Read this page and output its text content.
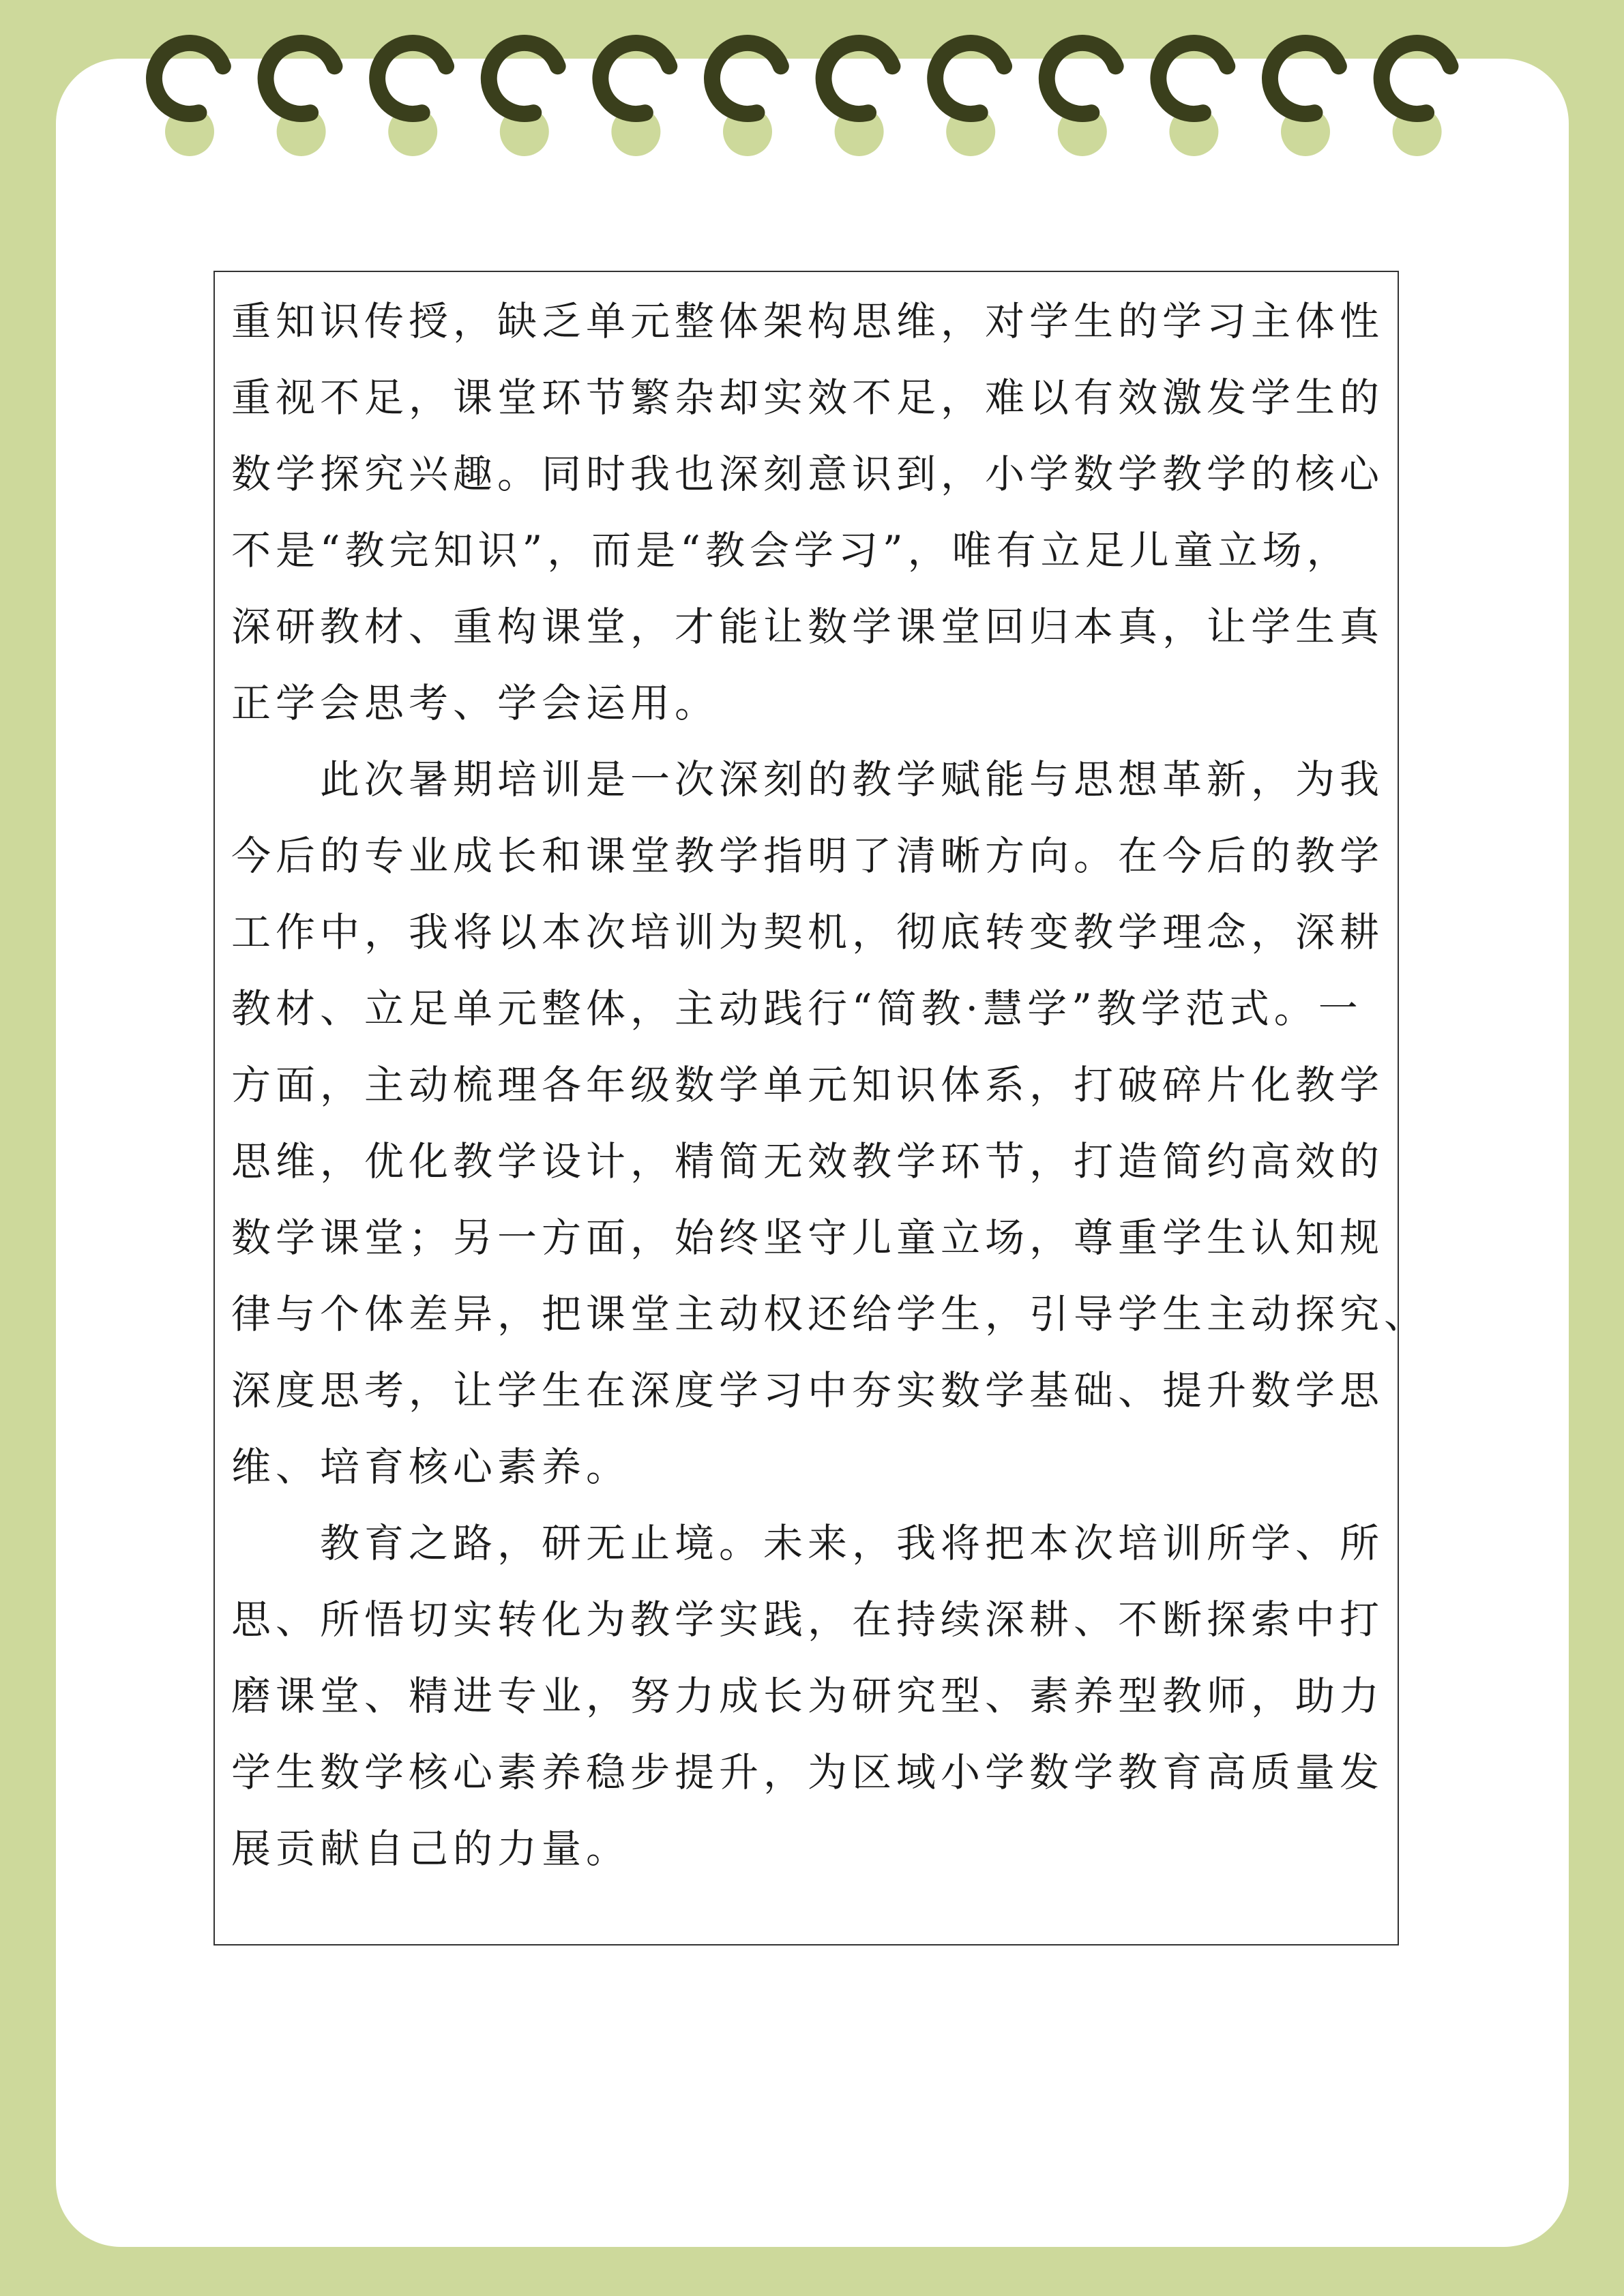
重知识传授，缺乏单元整体架构思维，对学生的学习主体性

重视不足，课堂环节繁杂却实效不足，难以有效激发学生的

数学探究兴趣。同时我也深刻意识到，小学数学教学的核心

不是“教完知识”，而是“教会学习”，唯有立足儿童立场，

深研教材、重构课堂，才能让数学课堂回归本真，让学生真

正学会思考、学会运用。

　　此次暑期培训是一次深刻的教学赋能与思想革新，为我

今后的专业成长和课堂教学指明了清晰方向。在今后的教学

工作中，我将以本次培训为契机，彻底转变教学理念，深耕

教材、立足单元整体，主动践行“简教·慧学”教学范式。一

方面，主动梳理各年级数学单元知识体系，打破碎片化教学

思维，优化教学设计，精简无效教学环节，打造简约高效的

数学课堂；另一方面，始终坚守儿童立场，尊重学生认知规

律与个体差异，把课堂主动权还给学生，引导学生主动探究、

深度思考，让学生在深度学习中夯实数学基础、提升数学思

维、培育核心素养。

　　教育之路，研无止境。未来，我将把本次培训所学、所

思、所悟切实转化为教学实践，在持续深耕、不断探索中打

磨课堂、精进专业，努力成长为研究型、素养型教师，助力

学生数学核心素养稳步提升，为区域小学数学教育高质量发

展贡献自己的力量。
